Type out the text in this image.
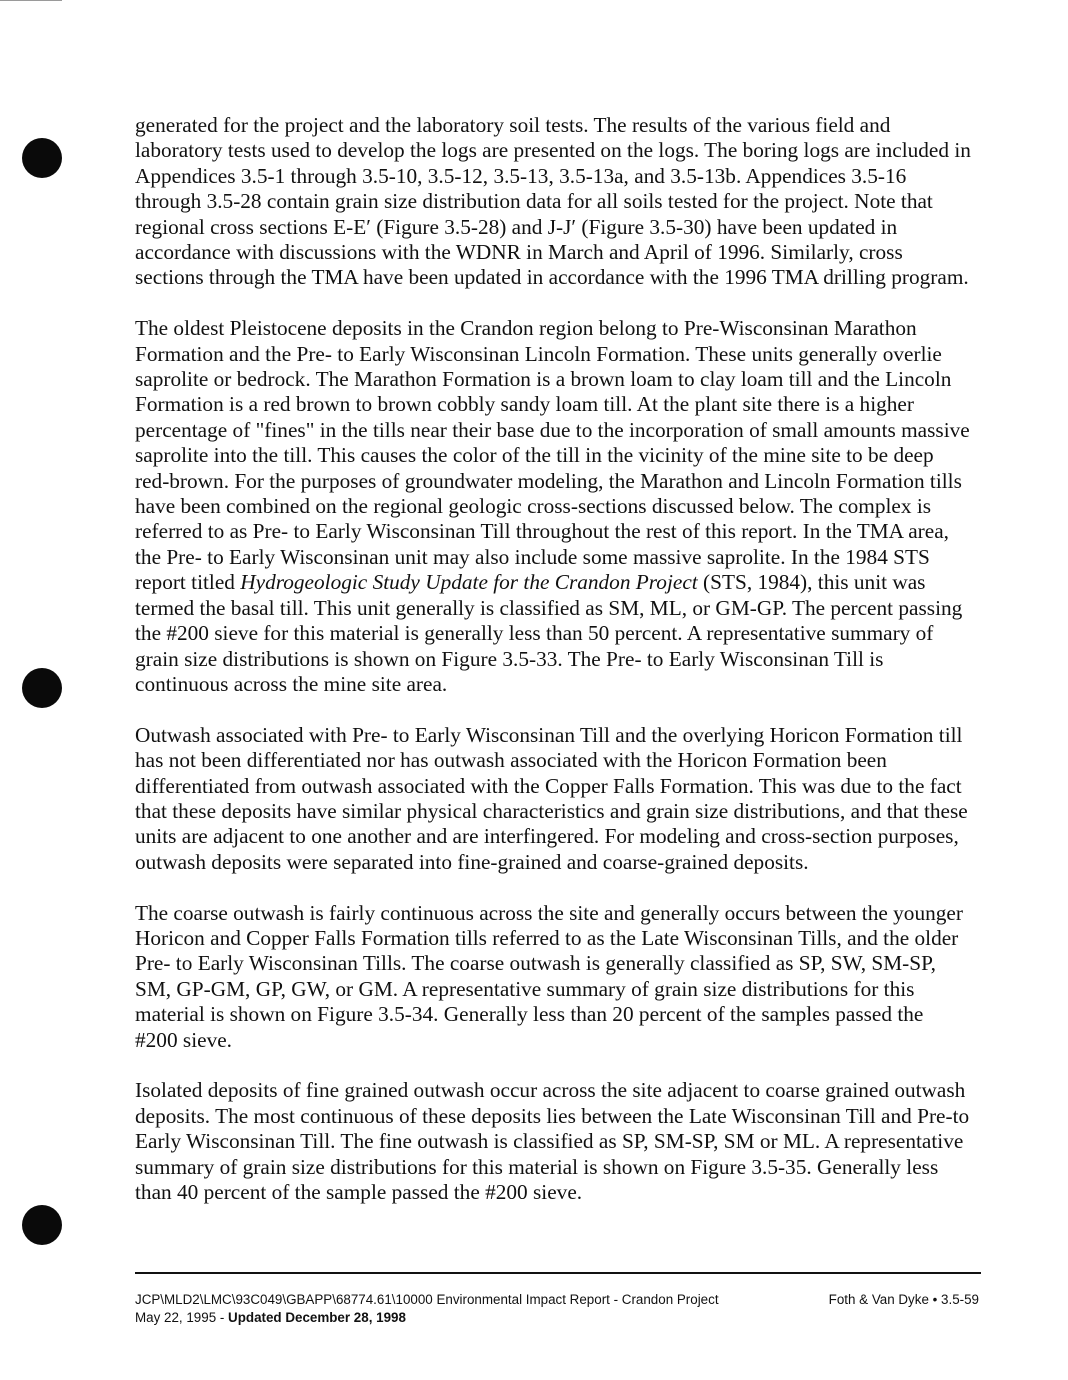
generated for the project and the laboratory soil tests. The results of the various field and laboratory tests used to develop the logs are presented on the logs. The boring logs are included in Appendices 3.5-1 through 3.5-10, 3.5-12, 3.5-13, 3.5-13a, and 3.5-13b. Appendices 3.5-16 through 3.5-28 contain grain size distribution data for all soils tested for the project. Note that regional cross sections E-E′ (Figure 3.5-28) and J-J′ (Figure 3.5-30) have been updated in accordance with discussions with the WDNR in March and April of 1996. Similarly, cross sections through the TMA have been updated in accordance with the 1996 TMA drilling program.

The oldest Pleistocene deposits in the Crandon region belong to Pre-Wisconsinan Marathon Formation and the Pre- to Early Wisconsinan Lincoln Formation. These units generally overlie saprolite or bedrock. The Marathon Formation is a brown loam to clay loam till and the Lincoln Formation is a red brown to brown cobbly sandy loam till. At the plant site there is a higher percentage of "fines" in the tills near their base due to the incorporation of small amounts massive saprolite into the till. This causes the color of the till in the vicinity of the mine site to be deep red-brown. For the purposes of groundwater modeling, the Marathon and Lincoln Formation tills have been combined on the regional geologic cross-sections discussed below. The complex is referred to as Pre- to Early Wisconsinan Till throughout the rest of this report. In the TMA area, the Pre- to Early Wisconsinan unit may also include some massive saprolite. In the 1984 STS report titled Hydrogeologic Study Update for the Crandon Project (STS, 1984), this unit was termed the basal till. This unit generally is classified as SM, ML, or GM-GP. The percent passing the #200 sieve for this material is generally less than 50 percent. A representative summary of grain size distributions is shown on Figure 3.5-33. The Pre- to Early Wisconsinan Till is continuous across the mine site area.

Outwash associated with Pre- to Early Wisconsinan Till and the overlying Horicon Formation till has not been differentiated nor has outwash associated with the Horicon Formation been differentiated from outwash associated with the Copper Falls Formation. This was due to the fact that these deposits have similar physical characteristics and grain size distributions, and that these units are adjacent to one another and are interfingered. For modeling and cross-section purposes, outwash deposits were separated into fine-grained and coarse-grained deposits.

The coarse outwash is fairly continuous across the site and generally occurs between the younger Horicon and Copper Falls Formation tills referred to as the Late Wisconsinan Tills, and the older Pre- to Early Wisconsinan Tills. The coarse outwash is generally classified as SP, SW, SM-SP, SM, GP-GM, GP, GW, or GM. A representative summary of grain size distributions for this material is shown on Figure 3.5-34. Generally less than 20 percent of the samples passed the #200 sieve.

Isolated deposits of fine grained outwash occur across the site adjacent to coarse grained outwash deposits. The most continuous of these deposits lies between the Late Wisconsinan Till and Pre-to Early Wisconsinan Till. The fine outwash is classified as SP, SM-SP, SM or ML. A representative summary of grain size distributions for this material is shown on Figure 3.5-35. Generally less than 40 percent of the sample passed the #200 sieve.

JCP\MLD2\LMC\93C049\GBAPP\68774.61\10000 Environmental Impact Report - Crandon Project	Foth & Van Dyke • 3.5-59
May 22, 1995 - Updated December 28, 1998
